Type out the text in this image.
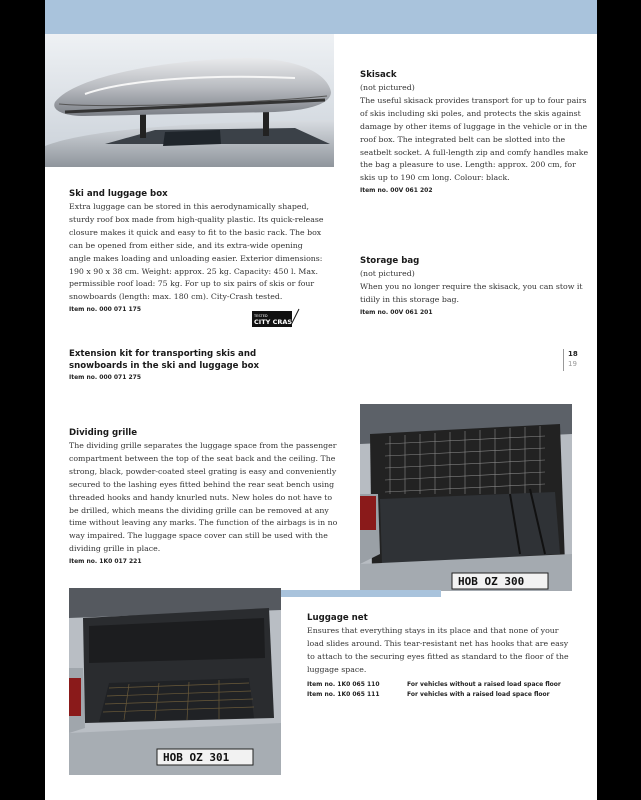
Ski and luggage box

Extra luggage can be stored in this aerodynamically shaped, sturdy roof box made from high-quality plastic. Its quick-release closure makes it quick and easy to fit to the basic rack. The box can be opened from either side, and its extra-wide opening angle makes loading and unloading easier. Exterior dimensions: 190 x 90 x 38 cm. Weight: approx. 25 kg. Capacity: 450 l. Max. permissible roof load: 75 kg. For up to six pairs of skis or four snowboards (length: max. 180 cm). City-Crash tested.

Item no. 000 071 175
TESTED
CITY CRASH
Skisack

(not pictured)

The useful skisack provides transport for up to four pairs of skis including ski poles, and protects the skis against damage by other items of luggage in the vehicle or in the roof box. The integrated belt can be slotted into the seatbelt socket. A full-length zip and comfy handles make the bag a pleasure to use. Length: approx. 200 cm, for skis up to 190 cm long. Colour: black.

Item no. 00V 061 202
Storage bag

(not pictured)

When you no longer require the skisack, you can stow it tidily in this storage bag.

Item no. 00V 061 201
Extension kit for transporting skis and snowboards in the ski and luggage box
Item no. 000 071 275
18
19
Dividing grille

The dividing grille separates the luggage space from the passenger compartment between the top of the seat back and the ceiling. The strong, black, powder-coated steel grating is easy and conveniently secured to the lashing eyes fitted behind the rear seat bench using threaded hooks and handy knurled nuts. New holes do not have to be drilled, which means the dividing grille can be removed at any time without leaving any marks. The function of the airbags is in no way impaired. The luggage space cover can still be used with the dividing grille in place.

Item no. 1K0 017 221
HOB OZ 300
HOB OZ 301
Luggage net

Ensures that everything stays in its place and that none of your load slides around. This tear-resistant net has hooks that are easy to attach to the securing eyes fitted as standard to the floor of the luggage space.

Item no. 1K0 065 110	For vehicles without a raised load space floor
Item no. 1K0 065 111	For vehicles with a raised load space floor
